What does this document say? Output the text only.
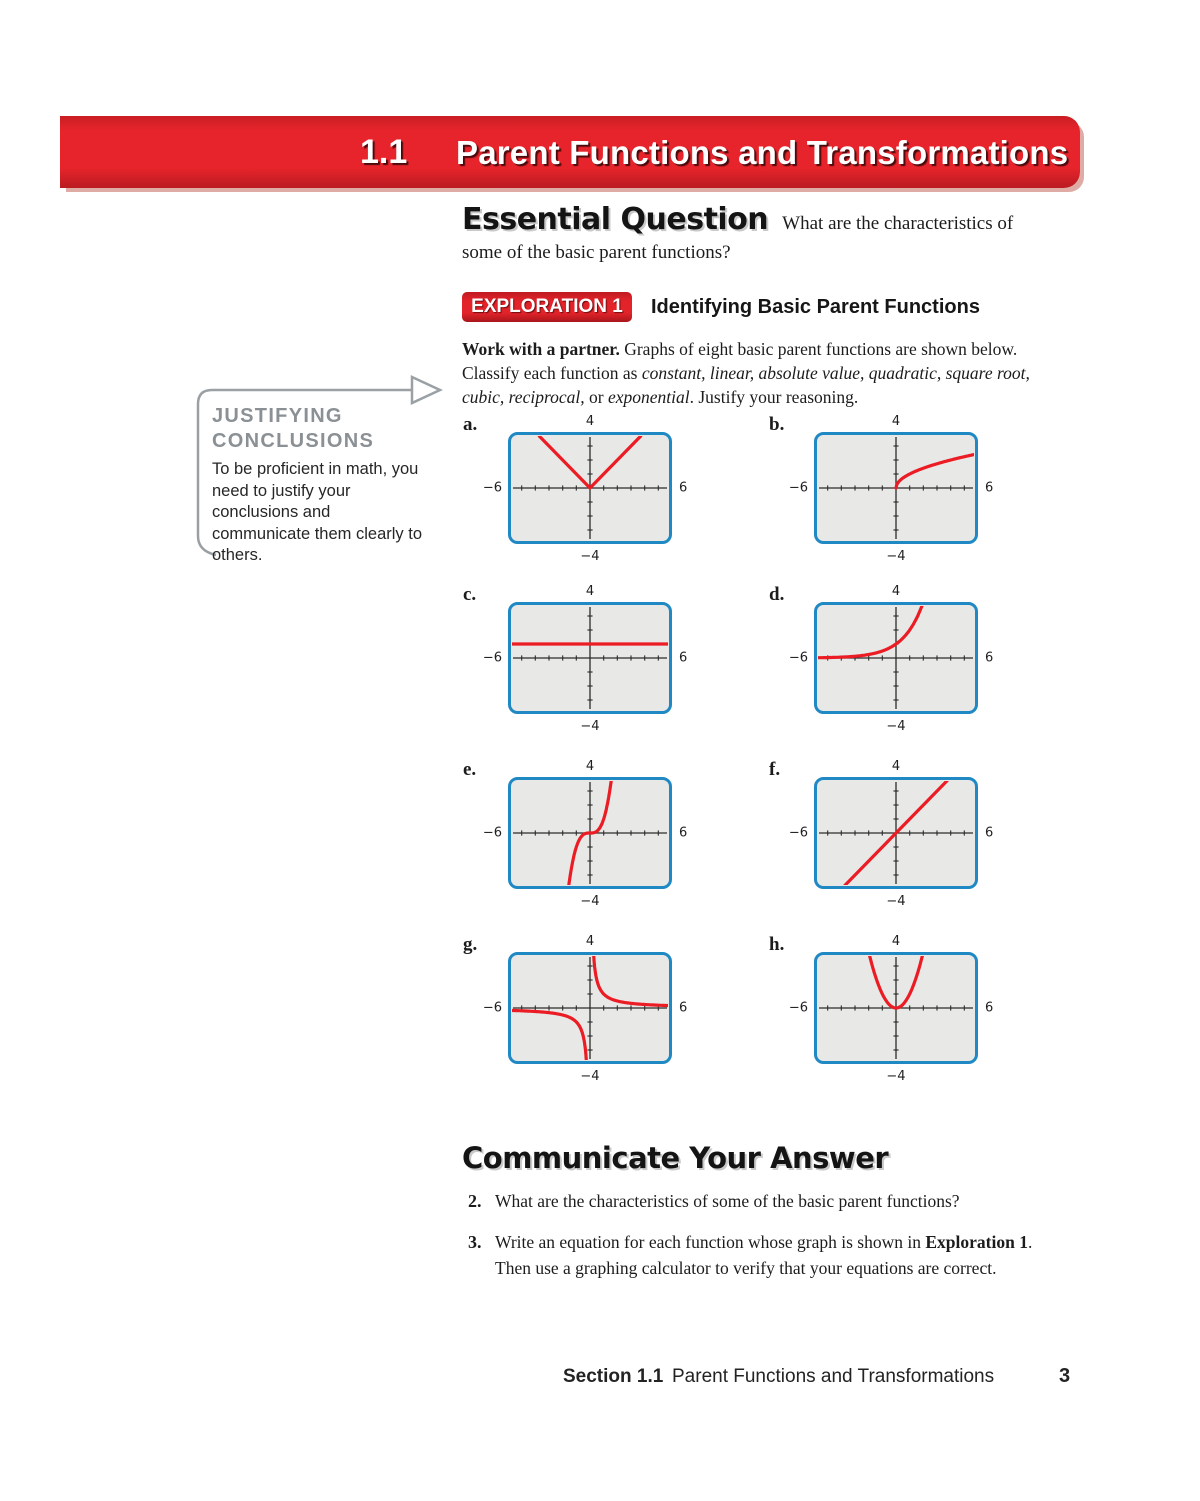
1.1 Parent Functions and Transformations
Essential Question What are the characteristics of some of the basic parent functions?
JUSTIFYING CONCLUSIONS
To be proficient in math, you need to justify your conclusions and communicate them clearly to others.
EXPLORATION 1	Identifying Basic Parent Functions
Work with a partner. Graphs of eight basic parent functions are shown below. Classify each function as constant, linear, absolute value, quadratic, square root, cubic, reciprocal, or exponential. Justify your reasoning.
a.	4
−4
−6	6
b.	4
−4
−6	6
c.	4
−4
−6	6
d.	4
−4
−6	6
e.	4
−4
−6	6
f.	4
−4
−6	6
g.	4
−4
−6	6
h.	4
−4
−6	6
Communicate Your Answer
2. What are the characteristics of some of the basic parent functions?
3. Write an equation for each function whose graph is shown in Exploration 1. Then use a graphing calculator to verify that your equations are correct.
Section 1.1 Parent Functions and Transformations	3
